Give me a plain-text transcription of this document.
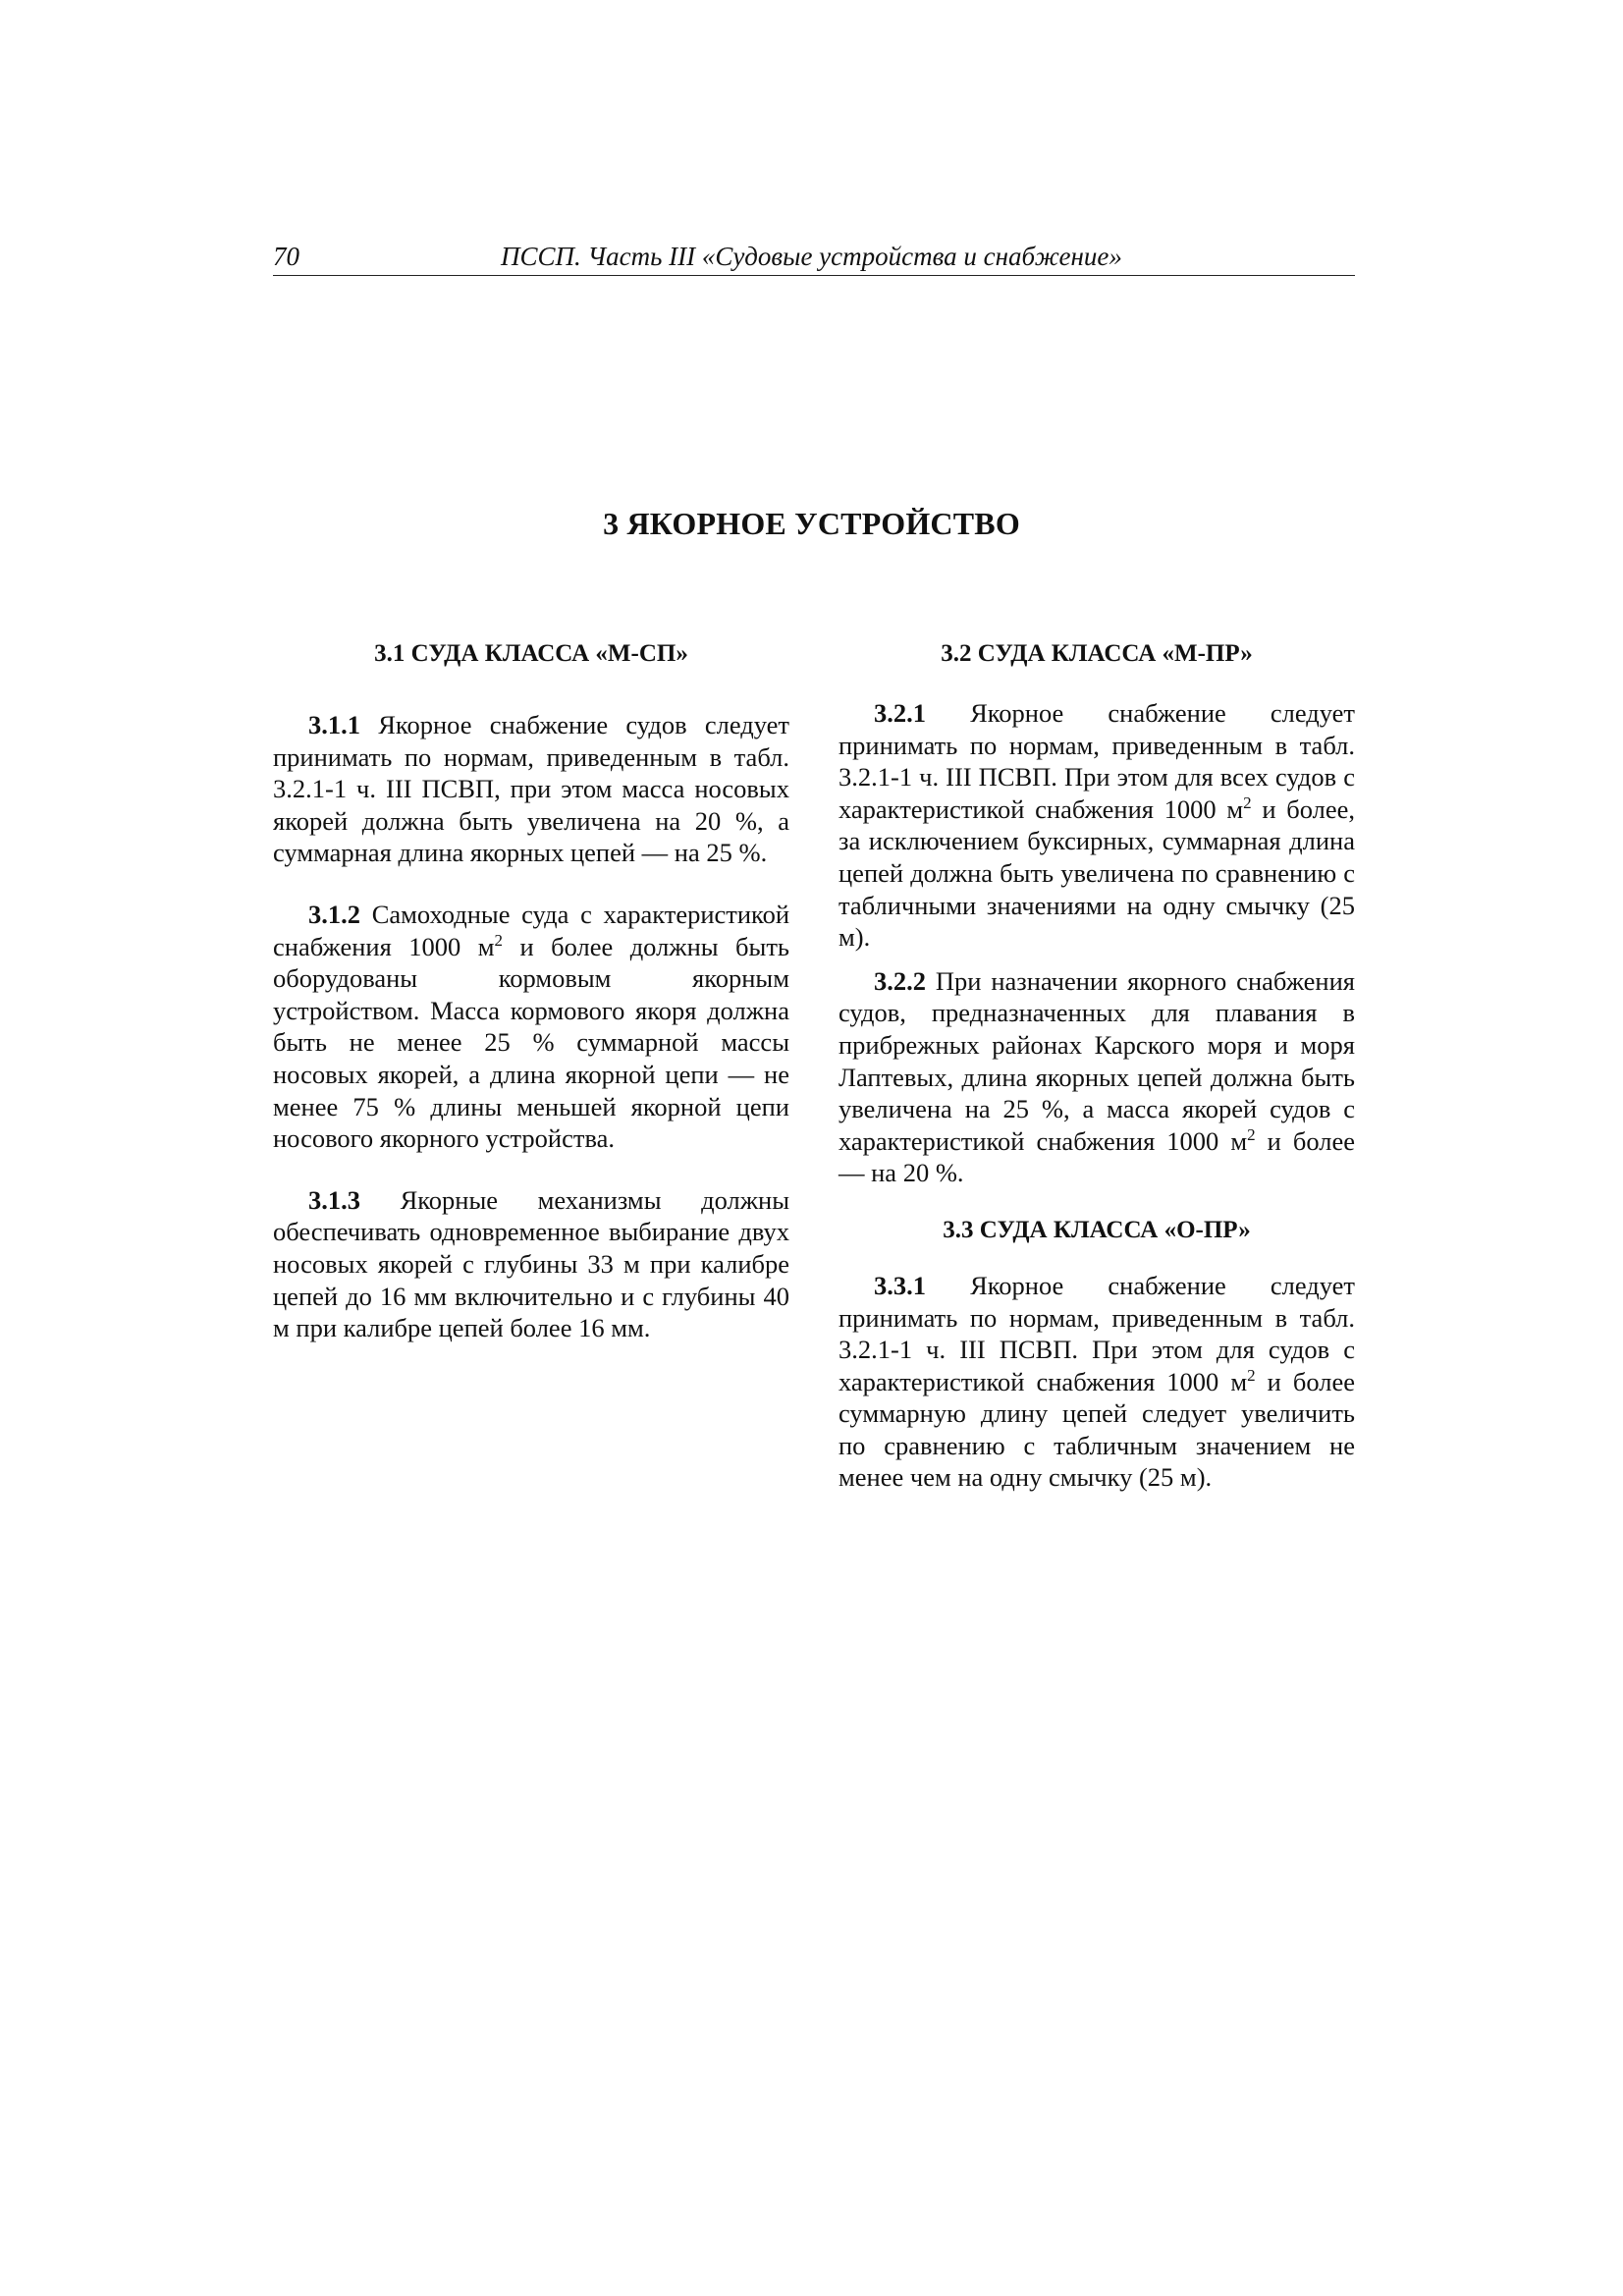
70	ПССП. Часть III «Судовые устройства и снабжение»
3 ЯКОРНОЕ УСТРОЙСТВО
3.1 СУДА КЛАССА «М-СП»

3.1.1 Якорное снабжение судов следует принимать по нормам, приведенным в табл. 3.2.1-1 ч. III ПСВП, при этом масса носовых якорей должна быть увеличена на 20 %, а суммарная длина якорных цепей — на 25 %.

3.1.2 Самоходные суда с характеристикой снабжения 1000 $м^2$ и более должны быть оборудованы кормовым якорным устройством. Масса кормового якоря должна быть не менее 25 % суммарной массы носовых якорей, а длина якорной цепи — не менее 75 % длины меньшей якорной цепи носового якорного устройства.

3.1.3 Якорные механизмы должны обеспечивать одновременное выбирание двух носовых якорей с глубины 33 м при калибре цепей до 16 мм включительно и с глубины 40 м при калибре цепей более 16 мм.

3.2 СУДА КЛАССА «М-ПР»

3.2.1 Якорное снабжение следует принимать по нормам, приведенным в табл. 3.2.1-1 ч. III ПСВП. При этом для всех судов с характеристикой снабжения 1000 $м^2$ и более, за исключением буксирных, суммарная длина цепей должна быть увеличена по сравнению с табличными значениями на одну смычку (25 м).

3.2.2 При назначении якорного снабжения судов, предназначенных для плавания в прибрежных районах Карского моря и моря Лаптевых, длина якорных цепей должна быть увеличена на 25 %, а масса якорей судов с характеристикой снабжения 1000 $м^2$ и более — на 20 %.

3.3 СУДА КЛАССА «О-ПР»

3.3.1 Якорное снабжение следует принимать по нормам, приведенным в табл. 3.2.1-1 ч. III ПСВП. При этом для судов с характеристикой снабжения 1000 $м^2$ и более суммарную длину цепей следует увеличить по сравнению с табличным значением не менее чем на одну смычку (25 м).
